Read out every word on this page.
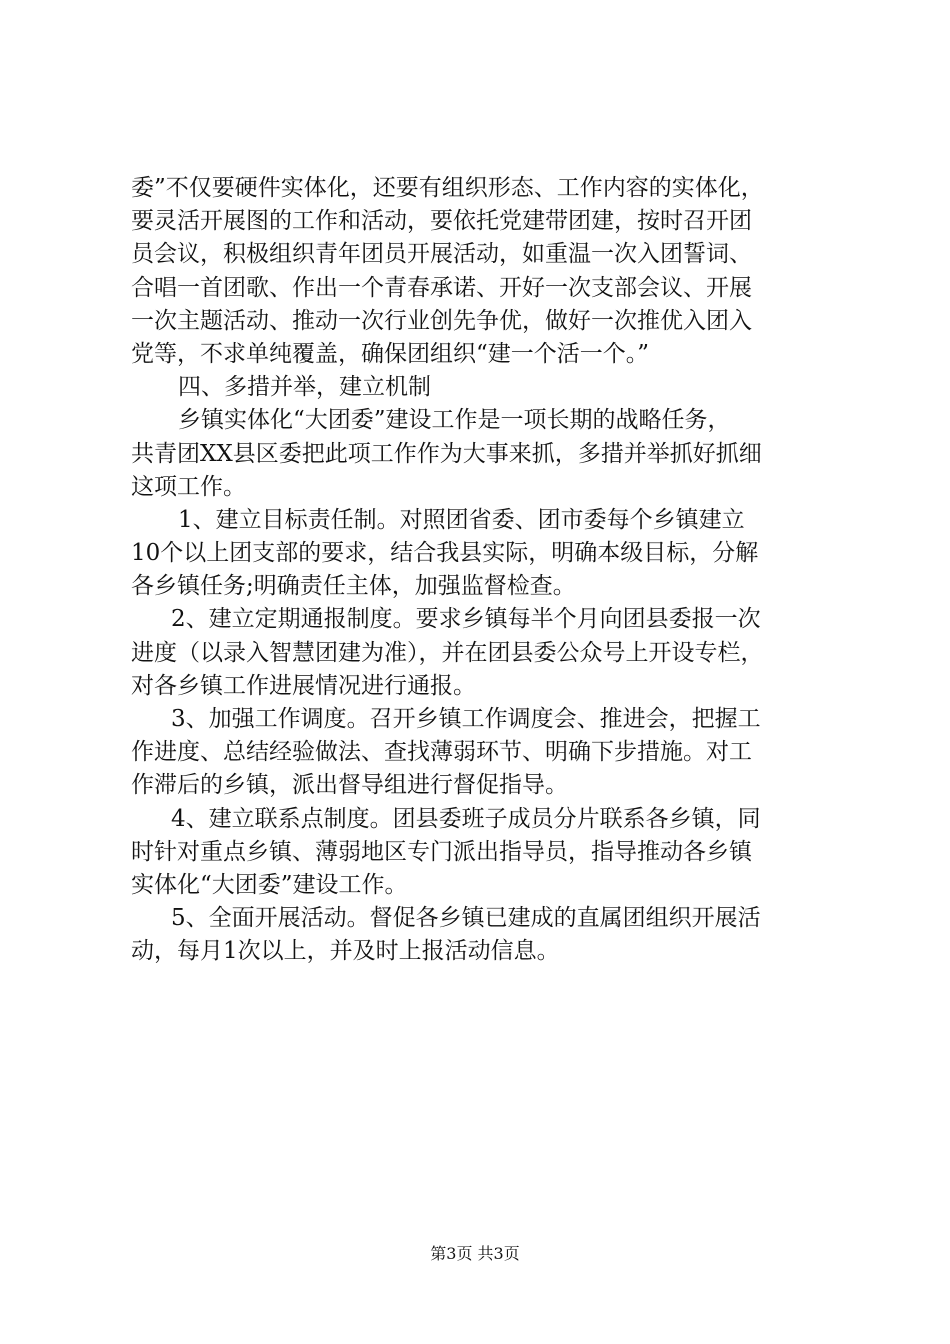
委”不仅要硬件实体化，还要有组织形态、工作内容的实体化，
要灵活开展图的工作和活动，要依托党建带团建，按时召开团
员会议，积极组织青年团员开展活动，如重温一次入团誓词、
合唱一首团歌、作出一个青春承诺、开好一次支部会议、开展
一次主题活动、推动一次行业创先争优，做好一次推优入团入
党等，不求单纯覆盖，确保团组织“建一个活一个。”
四、多措并举，建立机制
乡镇实体化“大团委”建设工作是一项长期的战略任务，
共青团XX县区委把此项工作作为大事来抓，多措并举抓好抓细
这项工作。
1、建立目标责任制。对照团省委、团市委每个乡镇建立
10个以上团支部的要求，结合我县实际，明确本级目标，分解
各乡镇任务;明确责任主体，加强监督检查。
2、建立定期通报制度。要求乡镇每半个月向团县委报一次
进度（以录入智慧团建为准），并在团县委公众号上开设专栏，
对各乡镇工作进展情况进行通报。
3、加强工作调度。召开乡镇工作调度会、推进会，把握工
作进度、总结经验做法、查找薄弱环节、明确下步措施。对工
作滞后的乡镇，派出督导组进行督促指导。
4、建立联系点制度。团县委班子成员分片联系各乡镇，同
时针对重点乡镇、薄弱地区专门派出指导员，指导推动各乡镇
实体化“大团委”建设工作。
5、全面开展活动。督促各乡镇已建成的直属团组织开展活
动，每月1次以上，并及时上报活动信息。
第3页 共3页
